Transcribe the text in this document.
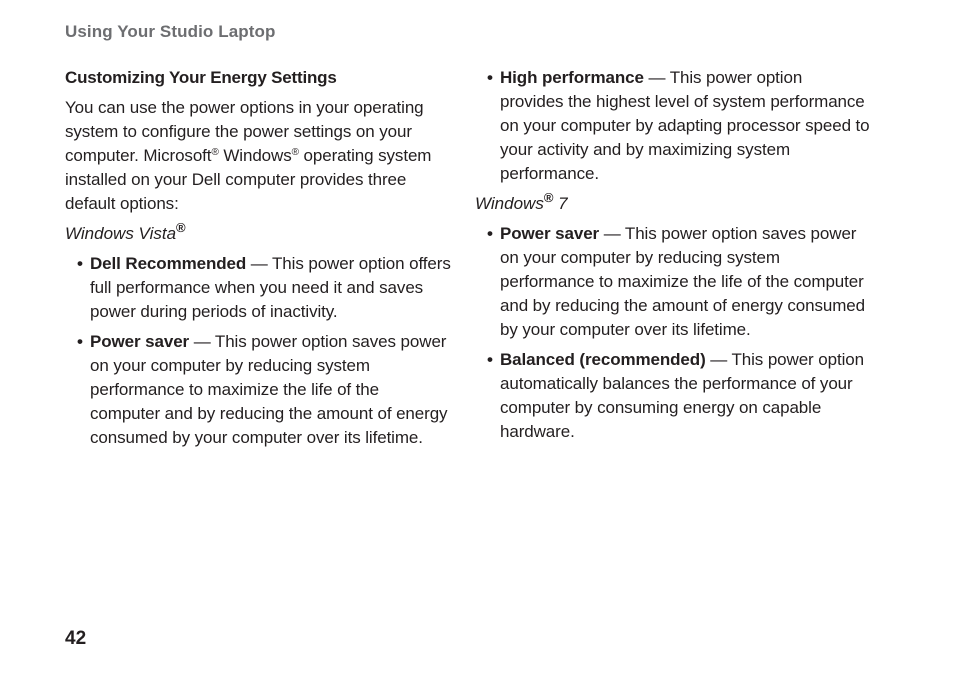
Using Your Studio Laptop
Customizing Your Energy Settings

You can use the power options in your operating system to configure the power settings on your computer. Microsoft® Windows® operating system installed on your Dell computer provides three default options:

Windows Vista®
• Dell Recommended — This power option offers full performance when you need it and saves power during periods of inactivity.
• Power saver — This power option saves power on your computer by reducing system performance to maximize the life of the computer and by reducing the amount of energy consumed by your computer over its lifetime.
• High performance — This power option provides the highest level of system performance on your computer by adapting processor speed to your activity and by maximizing system performance.
Windows® 7
• Power saver — This power option saves power on your computer by reducing system performance to maximize the life of the computer and by reducing the amount of energy consumed by your computer over its lifetime.
• Balanced (recommended) — This power option automatically balances the performance of your computer by consuming energy on capable hardware.
42
